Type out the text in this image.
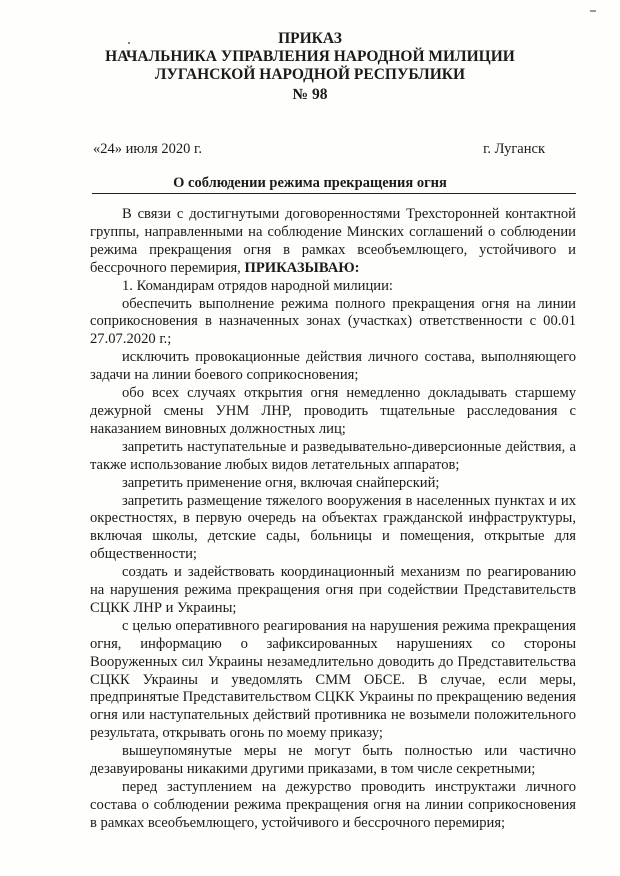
ПРИКАЗ
НАЧАЛЬНИКА УПРАВЛЕНИЯ НАРОДНОЙ МИЛИЦИИ
ЛУГАНСКОЙ НАРОДНОЙ РЕСПУБЛИКИ
№ 98
«24» июля 2020 г.	г. Луганск
О соблюдении режима прекращения огня

В связи с достигнутыми договоренностями Трехсторонней контактной группы, направленными на соблюдение Минских соглашений о соблюдении режима прекращения огня в рамках всеобъемлющего, устойчивого и бессрочного перемирия, ПРИКАЗЫВАЮ:

1. Командирам отрядов народной милиции:

обеспечить выполнение режима полного прекращения огня на линии соприкосновения в назначенных зонах (участках) ответственности с 00.01 27.07.2020 г.;

исключить провокационные действия личного состава, выполняющего задачи на линии боевого соприкосновения;

обо всех случаях открытия огня немедленно докладывать старшему дежурной смены УНМ ЛНР, проводить тщательные расследования с наказанием виновных должностных лиц;

запретить наступательные и разведывательно-диверсионные действия, а также использование любых видов летательных аппаратов;

запретить применение огня, включая снайперский;

запретить размещение тяжелого вооружения в населенных пунктах и их окрестностях, в первую очередь на объектах гражданской инфраструктуры, включая школы, детские сады, больницы и помещения, открытые для общественности;

создать и задействовать координационный механизм по реагированию на нарушения режима прекращения огня при содействии Представительств СЦКК ЛНР и Украины;

с целью оперативного реагирования на нарушения режима прекращения огня, информацию о зафиксированных нарушениях со стороны Вооруженных сил Украины незамедлительно доводить до Представительства СЦКК Украины и уведомлять СММ ОБСЕ. В случае, если меры, предпринятые Представительством СЦКК Украины по прекращению ведения огня или наступательных действий противника не возымели положительного результата, открывать огонь по моему приказу;

вышеупомянутые меры не могут быть полностью или частично дезавуированы никакими другими приказами, в том числе секретными;

перед заступлением на дежурство проводить инструктажи личного состава о соблюдении режима прекращения огня на линии соприкосновения в рамках всеобъемлющего, устойчивого и бессрочного перемирия;
